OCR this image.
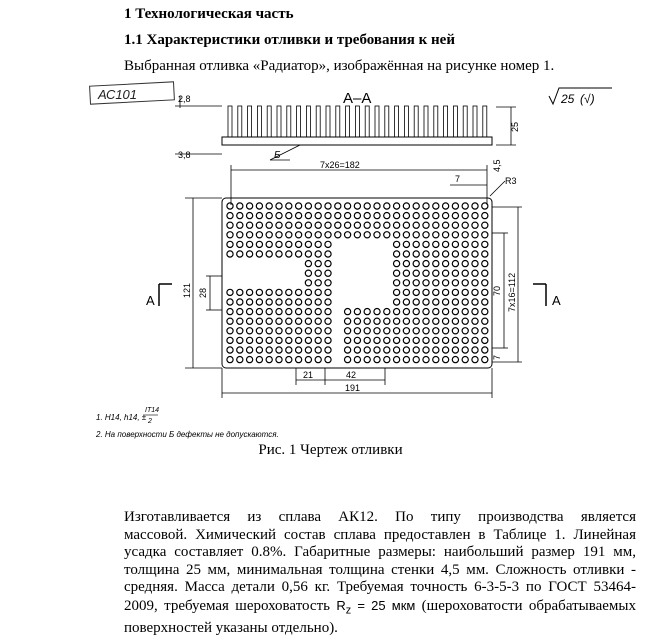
1 Технологическая часть
1.1 Характеристики отливки и требования к ней
Выбранная отливка «Радиатор», изображённая на рисунке номер 1.
АС101	А–А	25 (√)
2,8
3,8
25
Б
7х26=182
7
4,5
R3
121 28	70 7х16=112
7
21	42
191
А	А
1. Н14, h14, ±
IT14
2
2. На поверхности Б дефекты не допускаются.
Рис. 1 Чертеж отливки
Изготавливается из сплава АК12. По типу производства является
массовой. Химический состав сплава предоставлен в Таблице 1. Линейная
усадка составляет 0.8%. Габаритные размеры: наибольший размер 191 мм,
толщина 25 мм, минимальная толщина стенки 4,5 мм. Сложность отливки -
средняя. Масса детали 0,56 кг. Требуемая точность 6-3-5-3 по ГОСТ 53464-
2009, требуемая шероховатость $R_z = 25$ мкм (шероховатости обрабатываемых
поверхностей указаны отдельно).
